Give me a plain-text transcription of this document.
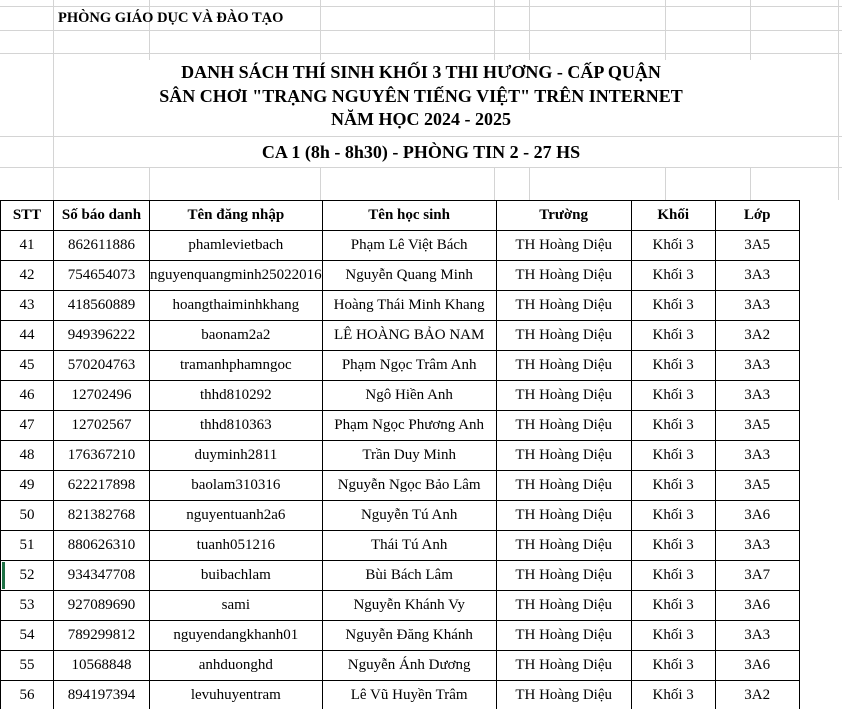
PHÒNG GIÁO DỤC VÀ ĐÀO TẠO
DANH SÁCH THÍ SINH KHỐI 3 THI HƯƠNG - CẤP QUẬN
SÂN CHƠI "TRẠNG NGUYÊN TIẾNG VIỆT" TRÊN INTERNET
NĂM HỌC 2024 - 2025
CA 1 (8h - 8h30) - PHÒNG TIN 2 - 27 HS
STT	Số báo danh	Tên đăng nhập	Tên học sinh	Trường	Khối	Lớp
41	862611886	phamlevietbach	Phạm Lê Việt Bách	TH Hoàng Diệu	Khối 3	3A5
42	754654073	nguyenquangminh25022016	Nguyễn Quang Minh	TH Hoàng Diệu	Khối 3	3A3
43	418560889	hoangthaiminhkhang	Hoàng Thái Minh Khang	TH Hoàng Diệu	Khối 3	3A3
44	949396222	baonam2a2	LÊ HOÀNG BẢO NAM	TH Hoàng Diệu	Khối 3	3A2
45	570204763	tramanhphamngoc	Phạm Ngọc Trâm Anh	TH Hoàng Diệu	Khối 3	3A3
46	12702496	thhd810292	Ngô Hiền Anh	TH Hoàng Diệu	Khối 3	3A3
47	12702567	thhd810363	Phạm Ngọc Phương Anh	TH Hoàng Diệu	Khối 3	3A5
48	176367210	duyminh2811	Trần Duy Minh	TH Hoàng Diệu	Khối 3	3A3
49	622217898	baolam310316	Nguyễn Ngọc Bảo Lâm	TH Hoàng Diệu	Khối 3	3A5
50	821382768	nguyentuanh2a6	Nguyễn Tú Anh	TH Hoàng Diệu	Khối 3	3A6
51	880626310	tuanh051216	Thái Tú Anh	TH Hoàng Diệu	Khối 3	3A3
52	934347708	buibachlam	Bùi Bách Lâm	TH Hoàng Diệu	Khối 3	3A7
53	927089690	sami	Nguyễn Khánh Vy	TH Hoàng Diệu	Khối 3	3A6
54	789299812	nguyendangkhanh01	Nguyễn Đăng Khánh	TH Hoàng Diệu	Khối 3	3A3
55	10568848	anhduonghd	Nguyễn Ánh Dương	TH Hoàng Diệu	Khối 3	3A6
56	894197394	levuhuyentram	Lê Vũ Huyền Trâm	TH Hoàng Diệu	Khối 3	3A2
